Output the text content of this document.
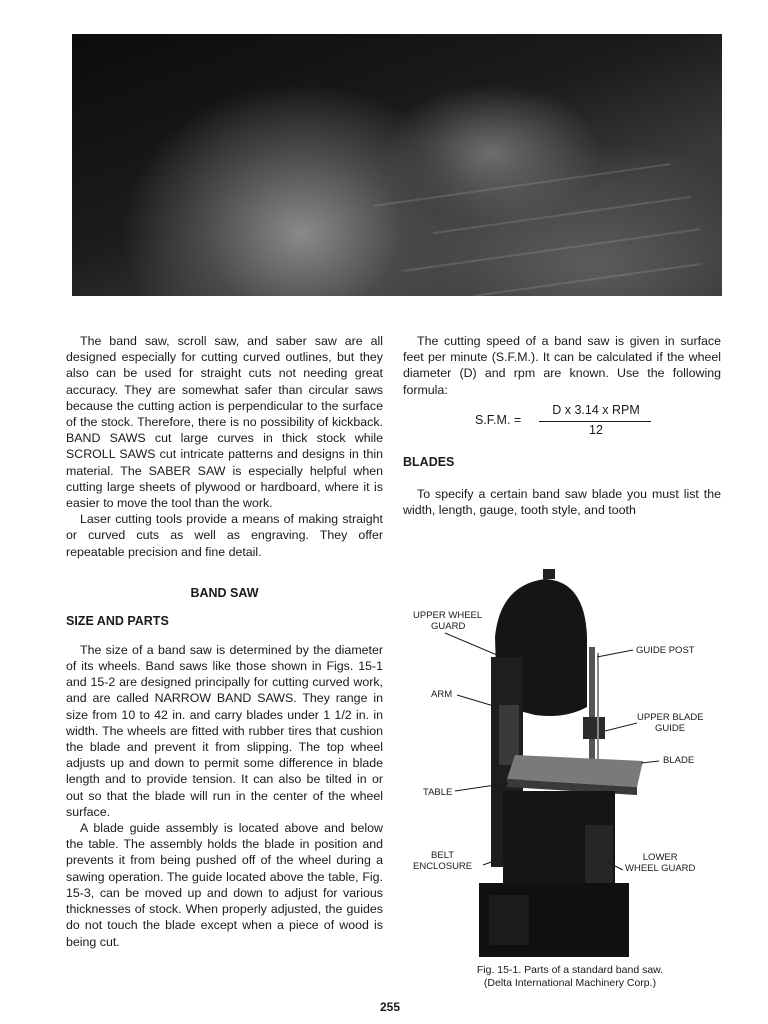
The band saw, scroll saw, and saber saw are all designed especially for cutting curved outlines, but they also can be used for straight cuts not needing great accuracy. They are somewhat safer than circular saws because the cutting action is perpendicular to the surface of the stock. Therefore, there is no possibility of kickback. BAND SAWS cut large curves in thick stock while SCROLL SAWS cut intricate patterns and designs in thin material. The SABER SAW is especially helpful when cutting large sheets of plywood or hardboard, where it is easier to move the tool than the work.

Laser cutting tools provide a means of making straight or curved cuts as well as engraving. They offer repeatable precision and fine detail.

BAND SAW
SIZE AND PARTS

The size of a band saw is determined by the diameter of its wheels. Band saws like those shown in Figs. 15-1 and 15-2 are designed principally for cutting curved work, and are called NARROW BAND SAWS. They range in size from 10 to 42 in. and carry blades under 1 1/2 in. in width. The wheels are fitted with rubber tires that cushion the blade and prevent it from slipping. The top wheel adjusts up and down to permit some difference in blade length and to provide tension. It can also be tilted in or out so that the blade will run in the center of the wheel surface.

A blade guide assembly is located above and below the table. The assembly holds the blade in position and prevents it from being pushed off of the wheel during a sawing operation. The guide located above the table, Fig. 15-3, can be moved up and down to adjust for various thicknesses of stock. When properly adjusted, the guides do not touch the blade except when a piece of wood is being cut.

The cutting speed of a band saw is given in surface feet per minute (S.F.M.). It can be calculated if the wheel diameter (D) and rpm are known. Use the following formula:

S.F.M. =
D x 3.14 x RPM
12
BLADES

To specify a certain band saw blade you must list the width, length, gauge, tooth style, and tooth

UPPER WHEEL
GUARD
GUIDE POST
ARM
UPPER BLADE
GUIDE
BLADE
TABLE
BELT
ENCLOSURE
LOWER
WHEEL GUARD
Fig. 15-1. Parts of a standard band saw.
(Delta International Machinery Corp.)
255
